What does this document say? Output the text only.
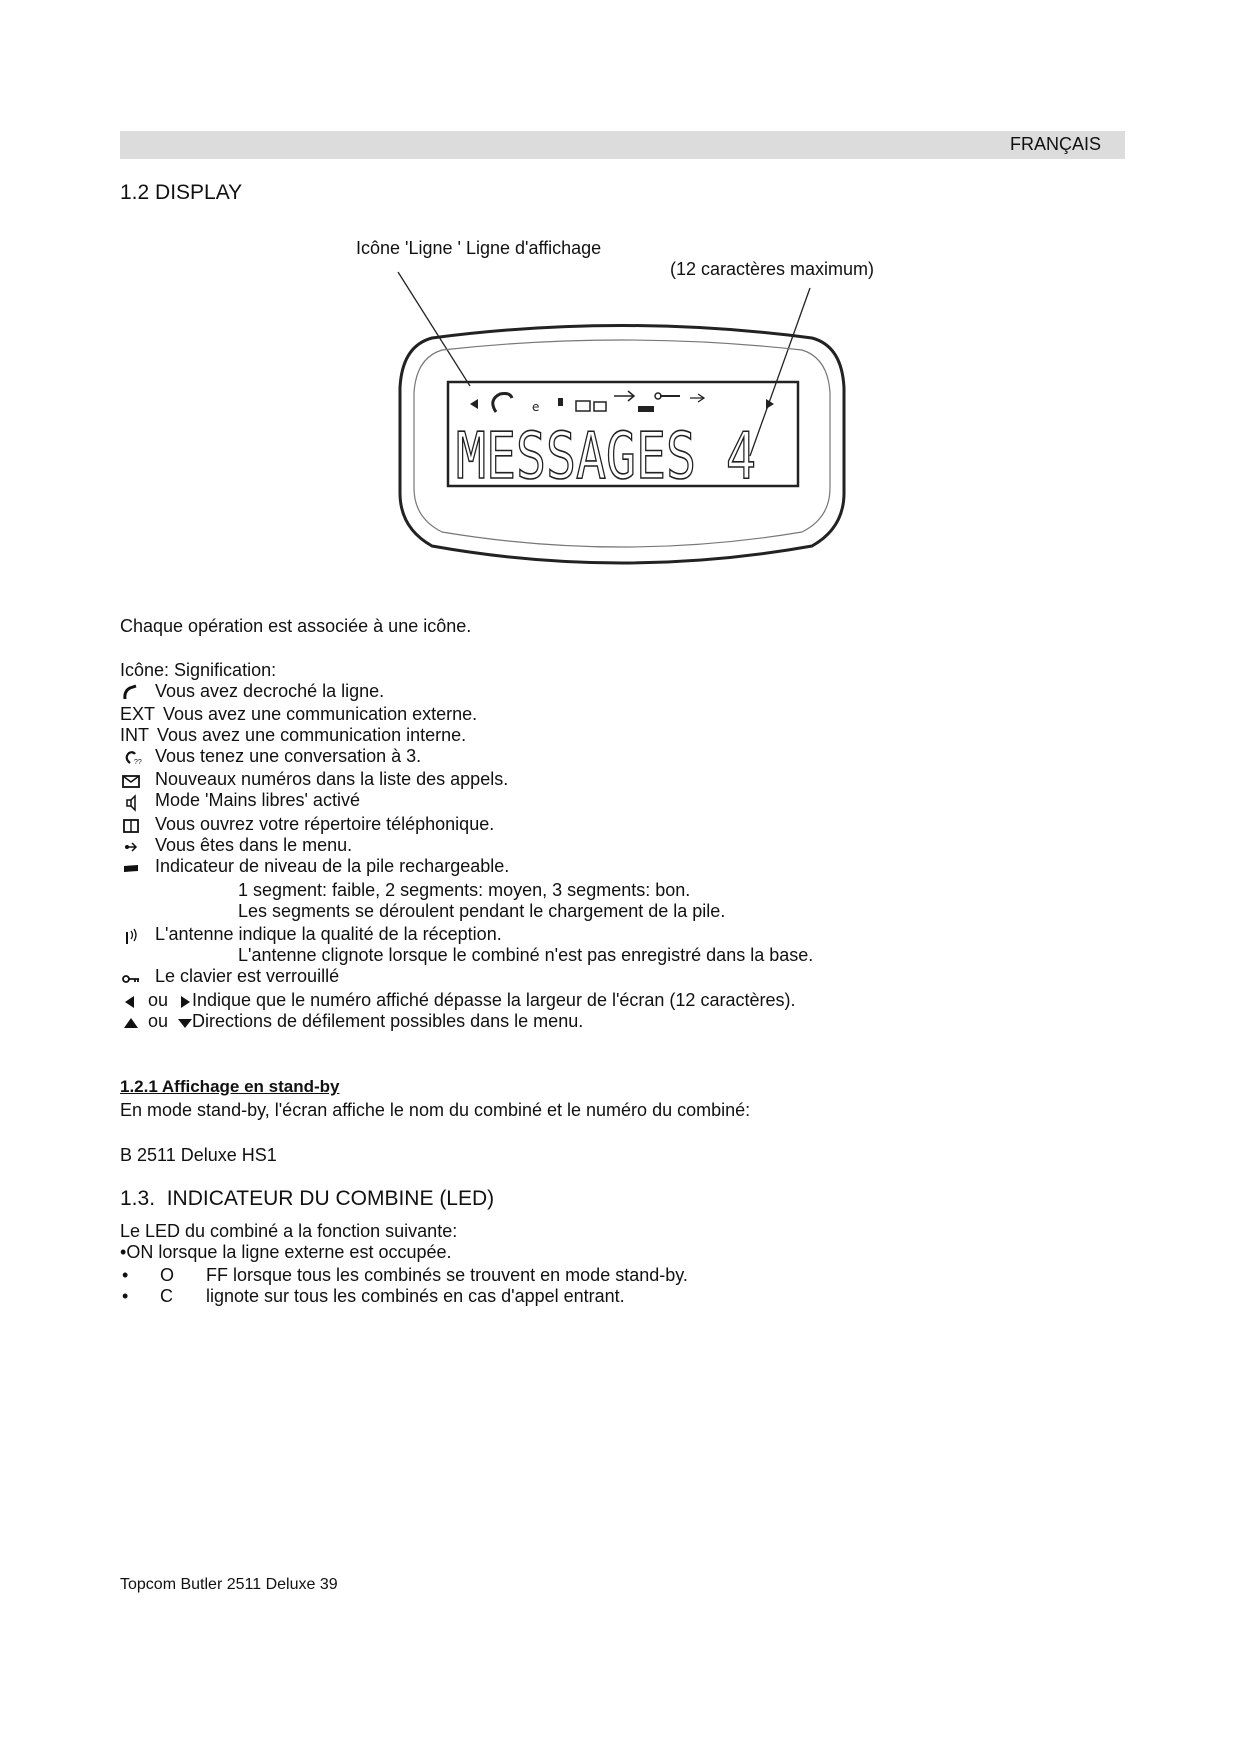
FRANÇAIS
1.2 DISPLAY
Icône 'Ligne ' Ligne d'affichage
(12 caractères maximum)
e
MESSAGES 4
Chaque opération est associée à une icône.
Icône: Signification:
Vous avez decroché la ligne.
EXT Vous avez une communication externe.
INT Vous avez une communication interne.
?? Vous tenez une conversation à 3.
Nouveaux numéros dans la liste des appels.
Mode 'Mains libres' activé
Vous ouvrez votre répertoire téléphonique.
Vous êtes dans le menu.
Indicateur de niveau de la pile rechargeable.
1 segment: faible, 2 segments: moyen, 3 segments: bon.
Les segments se déroulent pendant le chargement de la pile.
L'antenne indique la qualité de la réception.
L'antenne clignote lorsque le combiné n'est pas enregistré dans la base.
Le clavier est verrouillé
ou Indique que le numéro affiché dépasse la largeur de l'écran (12 caractères).
ou Directions de défilement possibles dans le menu.
1.2.1 Affichage en stand-by
En mode stand-by, l'écran affiche le nom du combiné et le numéro du combiné:
B 2511 Deluxe HS1
1.3.  INDICATEUR DU COMBINE (LED)
Le LED du combiné a la fonction suivante:
•ON lorsque la ligne externe est occupée.
• O FF lorsque tous les combinés se trouvent en mode stand-by.
• C lignote sur tous les combinés en cas d'appel entrant.
Topcom Butler 2511 Deluxe 39
